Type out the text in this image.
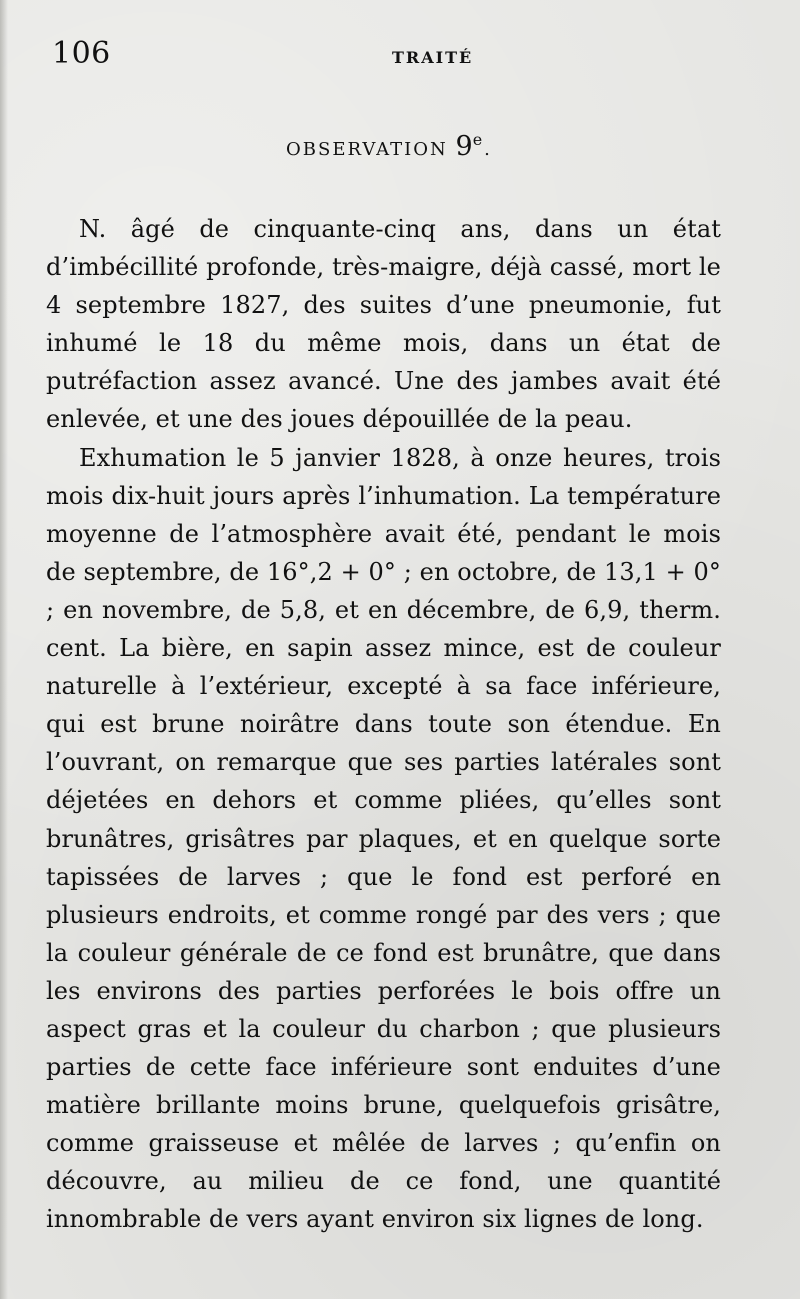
106	TRAITÉ
OBSERVATION 9e.

N. âgé de cinquante-cinq ans, dans un état d’imbécillité profonde, très-maigre, déjà cassé, mort le 4 septembre 1827, des suites d’une pneumonie, fut inhumé le 18 du même mois, dans un état de putréfaction assez avancé. Une des jambes avait été enlevée, et une des joues dépouillée de la peau.

Exhumation le 5 janvier 1828, à onze heures, trois mois dix-huit jours après l’inhumation. La température moyenne de l’atmosphère avait été, pendant le mois de septembre, de 16°,2 + 0° ; en octobre, de 13,1 + 0° ; en novembre, de 5,8, et en décembre, de 6,9, therm. cent. La bière, en sapin assez mince, est de couleur naturelle à l’extérieur, excepté à sa face inférieure, qui est brune noirâtre dans toute son étendue. En l’ouvrant, on remarque que ses parties latérales sont déjetées en dehors et comme pliées, qu’elles sont brunâtres, grisâtres par plaques, et en quelque sorte tapissées de larves ; que le fond est perforé en plusieurs endroits, et comme rongé par des vers ; que la couleur générale de ce fond est brunâtre, que dans les environs des parties perforées le bois offre un aspect gras et la couleur du charbon ; que plusieurs parties de cette face inférieure sont enduites d’une matière brillante moins brune, quelquefois grisâtre, comme graisseuse et mêlée de larves ; qu’enfin on découvre, au milieu de ce fond, une quantité innombrable de vers ayant environ six lignes de long.
